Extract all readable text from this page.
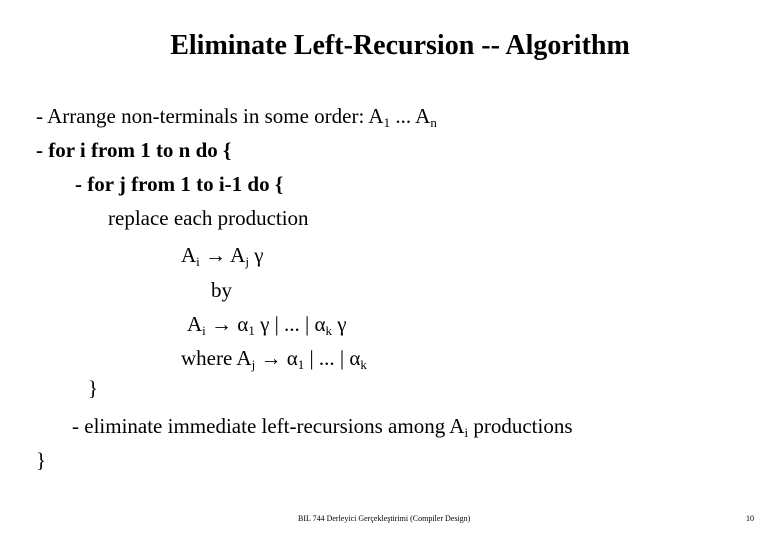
Eliminate Left-Recursion -- Algorithm
- Arrange non-terminals in some order: $A_1$ ... $A_n$
- for i from 1 to n do {
- for j from 1 to i-1 do {
replace each production
$A_i \to A_j$ γ
by
$A_i \to \alpha_1$ γ | ... | $\alpha_k$ γ
where $A_j \to \alpha_1$ | ... | $\alpha_k$
}
- eliminate immediate left-recursions among $A_i$ productions
}
BIL 744 Derleyici Gerçekleştirimi (Compiler Design)	10
